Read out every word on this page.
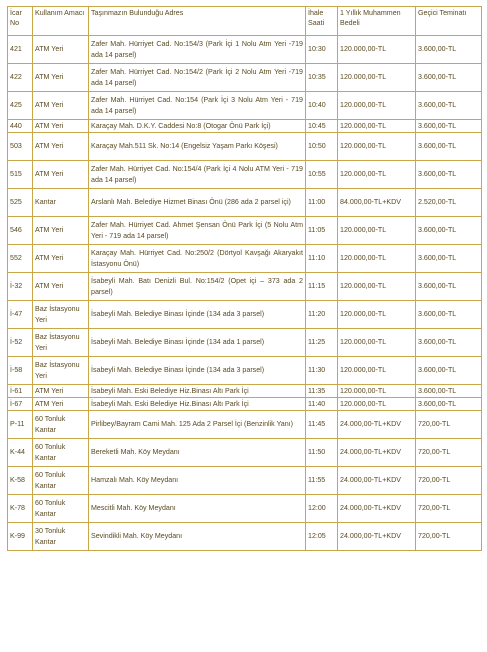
İcar No	Kullanım Amacı	Taşınmazın Bulunduğu Adres	İhale Saati	1 Yıllık Muhammen Bedeli	Geçici Teminatı
421	ATM Yeri	Zafer Mah. Hürriyet Cad. No:154/3 (Park İçi 1 Nolu Atm Yeri -719 ada 14 parsel)	10:30	120.000,00-TL	3.600,00-TL
422	ATM Yeri	Zafer Mah. Hürriyet Cad. No:154/2 (Park İçi 2 Nolu Atm Yeri -719 ada 14 parsel)	10:35	120.000,00-TL	3.600,00-TL
425	ATM Yeri	Zafer Mah. Hürriyet Cad. No:154 (Park İçi 3 Nolu Atm Yeri - 719 ada 14 parsel)	10:40	120.000,00-TL	3.600,00-TL
440	ATM Yeri	Karaçay Mah. D.K.Y. Caddesi No:8 (Otogar Önü Park İçi)	10:45	120.000,00-TL	3.600,00-TL
503	ATM Yeri	Karaçay Mah.511 Sk. No:14 (Engelsiz Yaşam Parkı Köşesi)	10:50	120.000,00-TL	3.600,00-TL
515	ATM Yeri	Zafer Mah. Hürriyet Cad. No:154/4 (Park İçi 4 Nolu ATM Yeri - 719 ada 14 parsel)	10:55	120.000,00-TL	3.600,00-TL
525	Kantar	Arslanlı Mah. Belediye Hizmet Binası Önü (286 ada 2 parsel içi)	11:00	84.000,00-TL+KDV	2.520,00-TL
546	ATM Yeri	Zafer Mah. Hürriyet Cad. Ahmet Şensan Önü Park İçi (5 Nolu Atm Yeri - 719 ada 14 parsel)	11:05	120.000,00-TL	3.600,00-TL
552	ATM Yeri	Karaçay Mah. Hürriyet Cad. No:250/2 (Dörtyol Kavşağı Akaryakıt İstasyonu Önü)	11:10	120.000,00-TL	3.600,00-TL
İ-32	ATM Yeri	İsabeyli Mah. Batı Denizli Bul. No:154/2 (Opet içi – 373 ada 2 parsel)	11:15	120.000,00-TL	3.600,00-TL
İ-47	Baz İstasyonu Yeri	İsabeyli Mah. Belediye Binası İçinde (134 ada 3 parsel)	11:20	120.000,00-TL	3.600,00-TL
İ-52	Baz İstasyonu Yeri	İsabeyli Mah. Belediye Binası İçinde (134 ada 1 parsel)	11:25	120.000,00-TL	3.600,00-TL
İ-58	Baz İstasyonu Yeri	İsabeyli Mah. Belediye Binası İçinde (134 ada 3 parsel)	11:30	120.000,00-TL	3.600,00-TL
İ-61	ATM Yeri	İsabeyli Mah. Eski Belediye Hiz.Binası Altı Park İçi	11:35	120.000,00-TL	3.600,00-TL
İ-67	ATM Yeri	İsabeyli Mah. Eski Belediye Hiz.Binası Altı Park İçi	11:40	120.000,00-TL	3.600,00-TL
P-11	60 Tonluk Kantar	Pirlibey/Bayram Cami Mah. 125 Ada 2 Parsel İçi (Benzinlik Yanı)	11:45	24.000,00-TL+KDV	720,00-TL
K-44	60 Tonluk Kantar	Bereketli Mah. Köy Meydanı	11:50	24.000,00-TL+KDV	720,00-TL
K-58	60 Tonluk Kantar	Hamzalı Mah. Köy Meydanı	11:55	24.000,00-TL+KDV	720,00-TL
K-78	60 Tonluk Kantar	Mescitli Mah. Köy Meydanı	12:00	24.000,00-TL+KDV	720,00-TL
K-99	30 Tonluk Kantar	Sevindikli Mah. Köy Meydanı	12:05	24.000,00-TL+KDV	720,00-TL
